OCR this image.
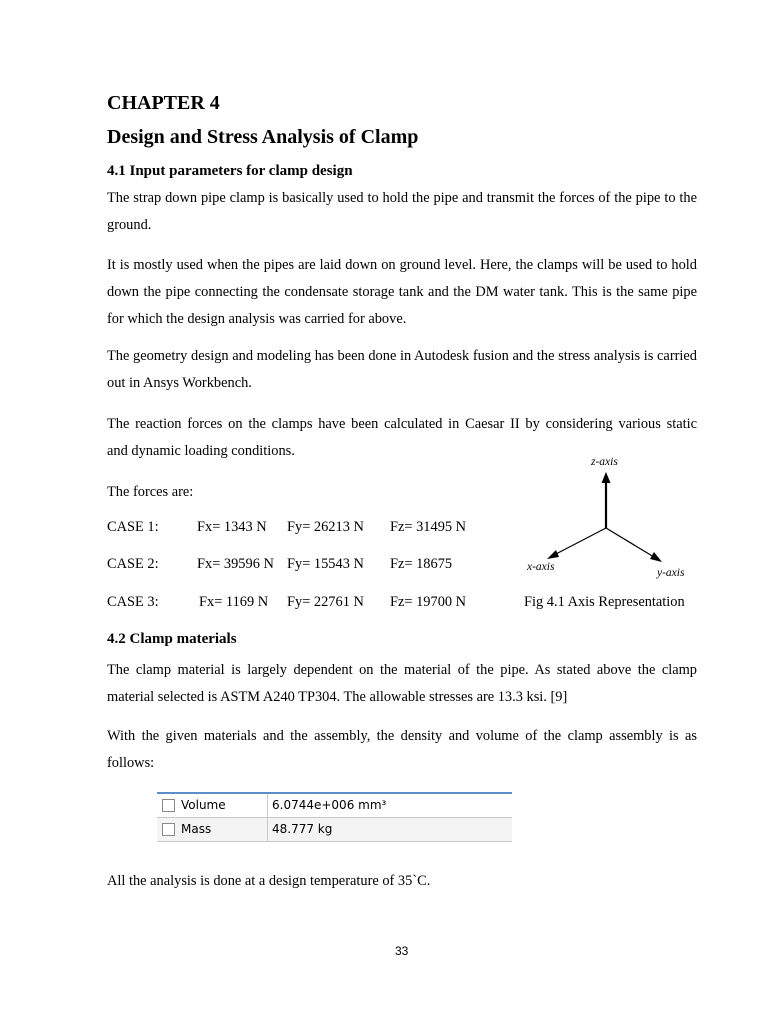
CHAPTER 4
Design and Stress Analysis of Clamp
4.1 Input parameters for clamp design
The strap down pipe clamp is basically used to hold the pipe and transmit the forces of the pipe to the ground.
It is mostly used when the pipes are laid down on ground level. Here, the clamps will be used to hold down the pipe connecting the condensate storage tank and the DM water tank. This is the same pipe for which the design analysis was carried for above.
The geometry design and modeling has been done in Autodesk fusion and the stress analysis is carried out in Ansys Workbench.
The reaction forces on the clamps have been calculated in Caesar II by considering various static
and dynamic loading conditions.
The forces are:
CASE 1:	Fx= 1343 N Fy= 26213 N Fz= 31495 N
CASE 2:	Fx= 39596 N Fy= 15543 N Fz= 18675
CASE 3:	Fx= 1169 N Fy= 22761 N Fz= 19700 N
z-axis
x-axis	y-axis
Fig 4.1 Axis Representation
4.2 Clamp materials
The clamp material is largely dependent on the material of the pipe. As stated above the clamp material selected is ASTM A240 TP304. The allowable stresses are 13.3 ksi. [9]
With the given materials and the assembly, the density and volume of the clamp assembly is as follows:
Volume	6.0744e+006 mm³
Mass	48.777 kg
All the analysis is done at a design temperature of 35`C.
33
